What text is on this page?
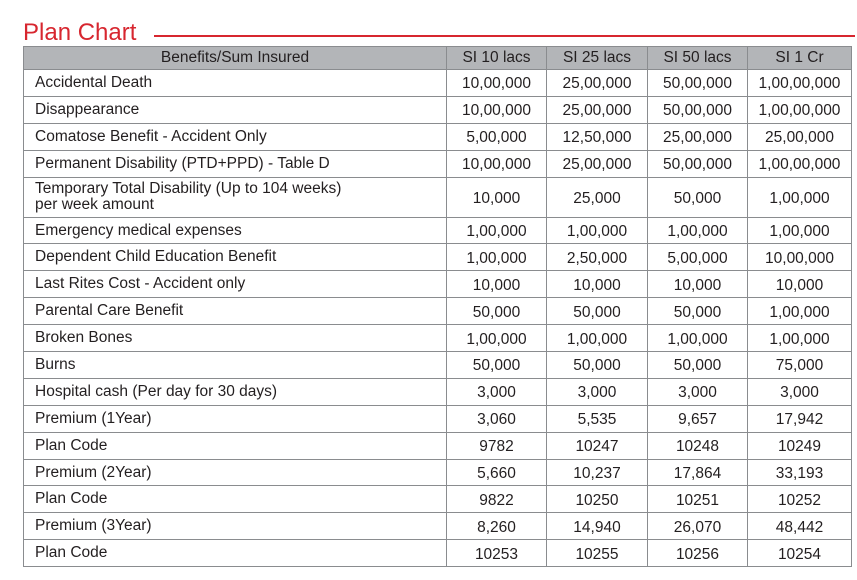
Plan Chart
Benefits/Sum Insured	SI 10 lacs	SI 25 lacs	SI 50 lacs	SI 1 Cr
Accidental Death	10,00,000	25,00,000	50,00,000	1,00,00,000
Disappearance	10,00,000	25,00,000	50,00,000	1,00,00,000
Comatose Benefit - Accident Only	5,00,000	12,50,000	25,00,000	25,00,000
Permanent Disability (PTD+PPD) - Table D	10,00,000	25,00,000	50,00,000	1,00,00,000
Temporary Total Disability (Up to 104 weeks)
per week amount	10,000	25,000	50,000	1,00,000
Emergency medical expenses	1,00,000	1,00,000	1,00,000	1,00,000
Dependent Child Education Benefit	1,00,000	2,50,000	5,00,000	10,00,000
Last Rites Cost - Accident only	10,000	10,000	10,000	10,000
Parental Care Benefit	50,000	50,000	50,000	1,00,000
Broken Bones	1,00,000	1,00,000	1,00,000	1,00,000
Burns	50,000	50,000	50,000	75,000
Hospital cash (Per day for 30 days)	3,000	3,000	3,000	3,000
Premium (1Year)	3,060	5,535	9,657	17,942
Plan Code	9782	10247	10248	10249
Premium (2Year)	5,660	10,237	17,864	33,193
Plan Code	9822	10250	10251	10252
Premium (3Year)	8,260	14,940	26,070	48,442
Plan Code	10253	10255	10256	10254
